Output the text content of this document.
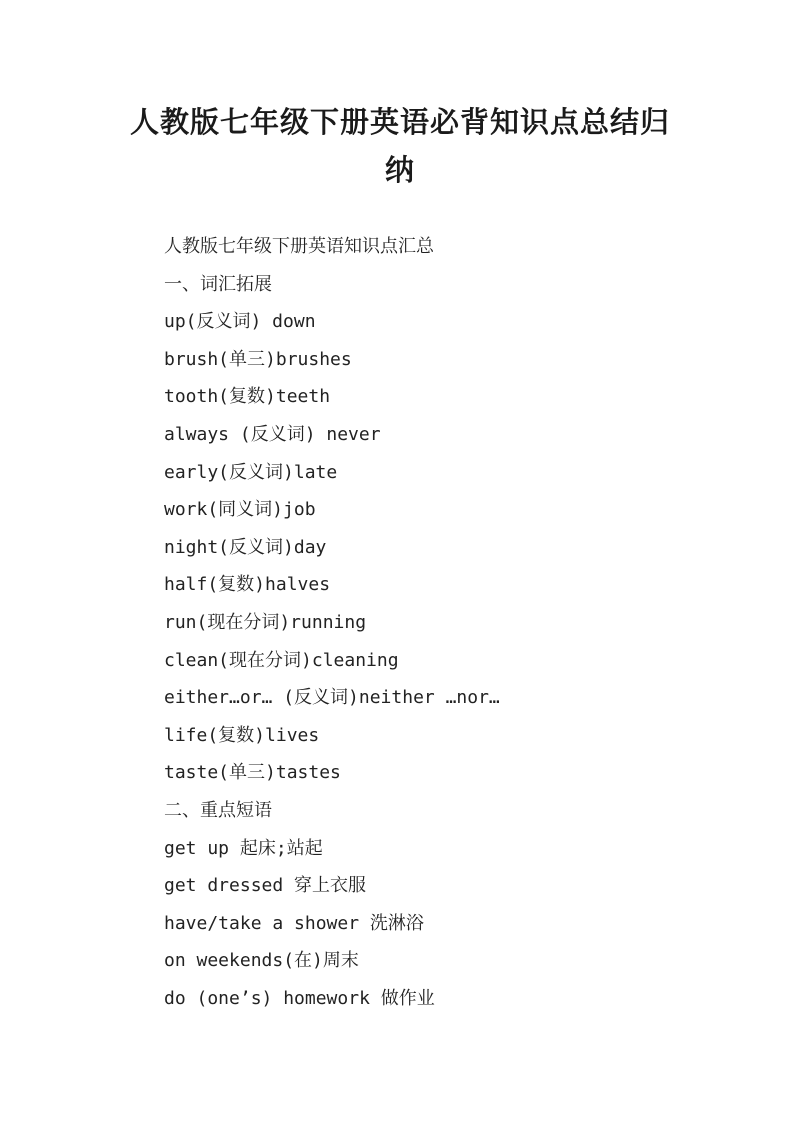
人教版七年级下册英语必背知识点总结归
纳

人教版七年级下册英语知识点汇总

一、词汇拓展

up(反义词) down

brush(单三)brushes

tooth(复数)teeth

always (反义词) never

early(反义词)late

work(同义词)job

night(反义词)day

half(复数)halves

run(现在分词)running

clean(现在分词)cleaning

either…or… (反义词)neither …nor…

life(复数)lives

taste(单三)tastes

二、重点短语

get up 起床;站起

get dressed 穿上衣服

have/take a shower 洗淋浴

on weekends(在)周末

do (one’s) homework 做作业
